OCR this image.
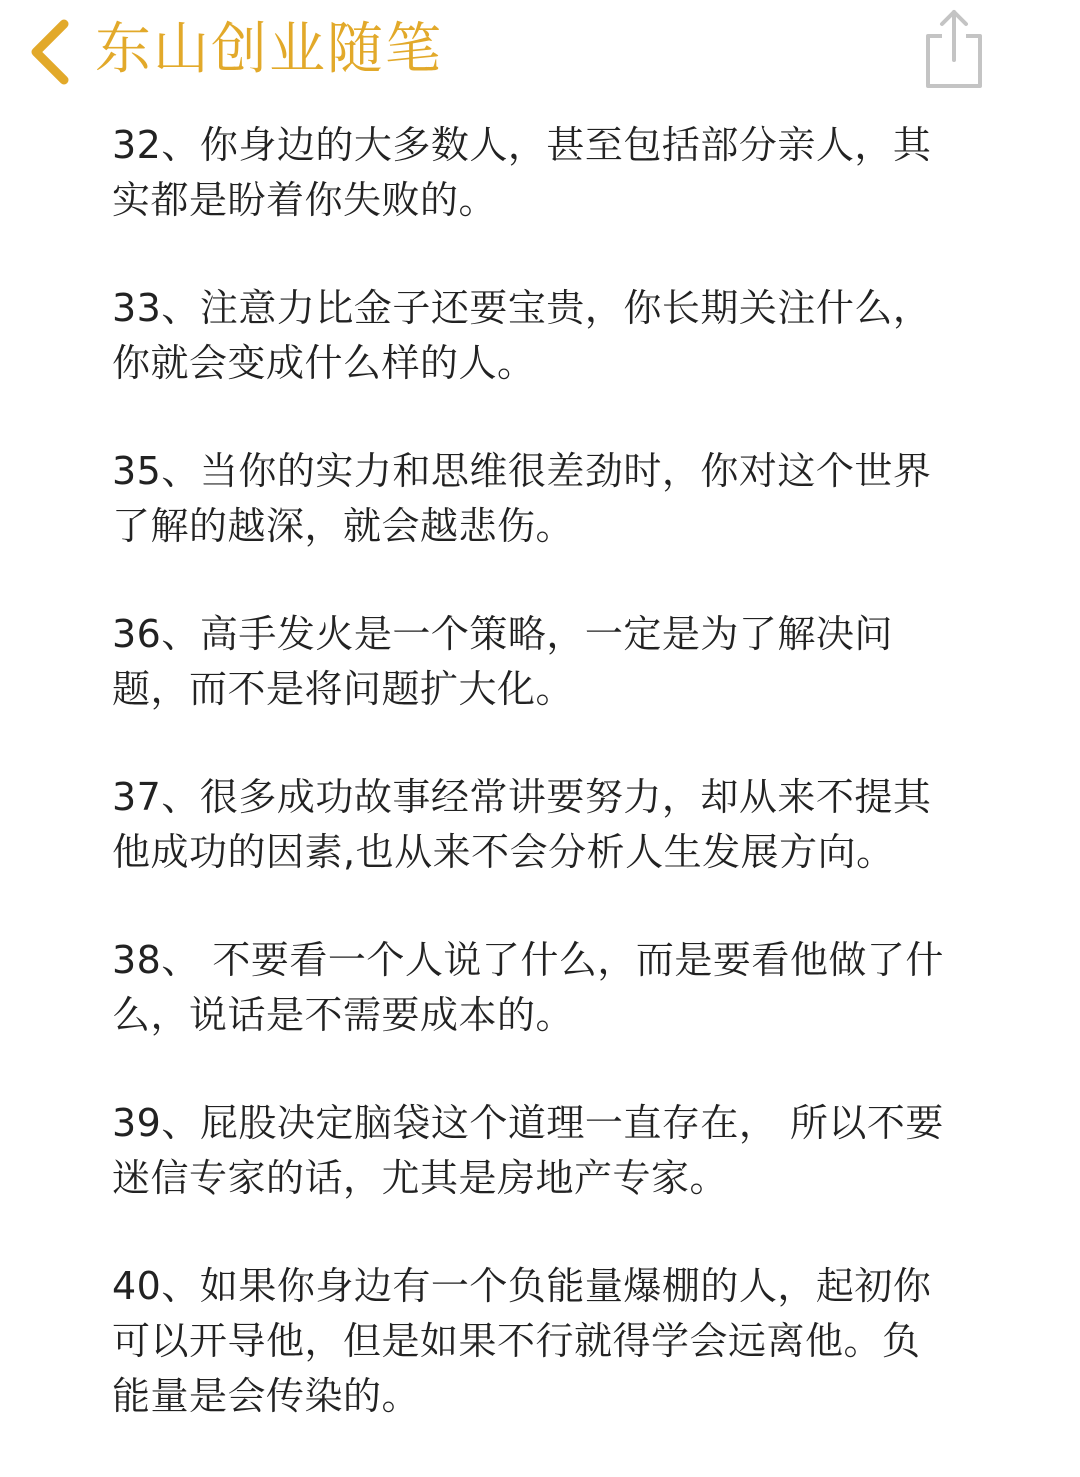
东山创业随笔
32、你身边的大多数人，甚至包括部分亲人，其
实都是盼着你失败的。
33、注意力比金子还要宝贵，你长期关注什么，
你就会变成什么样的人。
35、当你的实力和思维很差劲时，你对这个世界
了解的越深，就会越悲伤。
36、高手发火是一个策略，一定是为了解决问
题，而不是将问题扩大化。
37、很多成功故事经常讲要努力，却从来不提其
他成功的因素,也从来不会分析人生发展方向。
38、 不要看一个人说了什么，而是要看他做了什
么，说话是不需要成本的。
39、屁股决定脑袋这个道理一直存在， 所以不要
迷信专家的话，尤其是房地产专家。
40、如果你身边有一个负能量爆棚的人，起初你
可以开导他，但是如果不行就得学会远离他。负
能量是会传染的。
